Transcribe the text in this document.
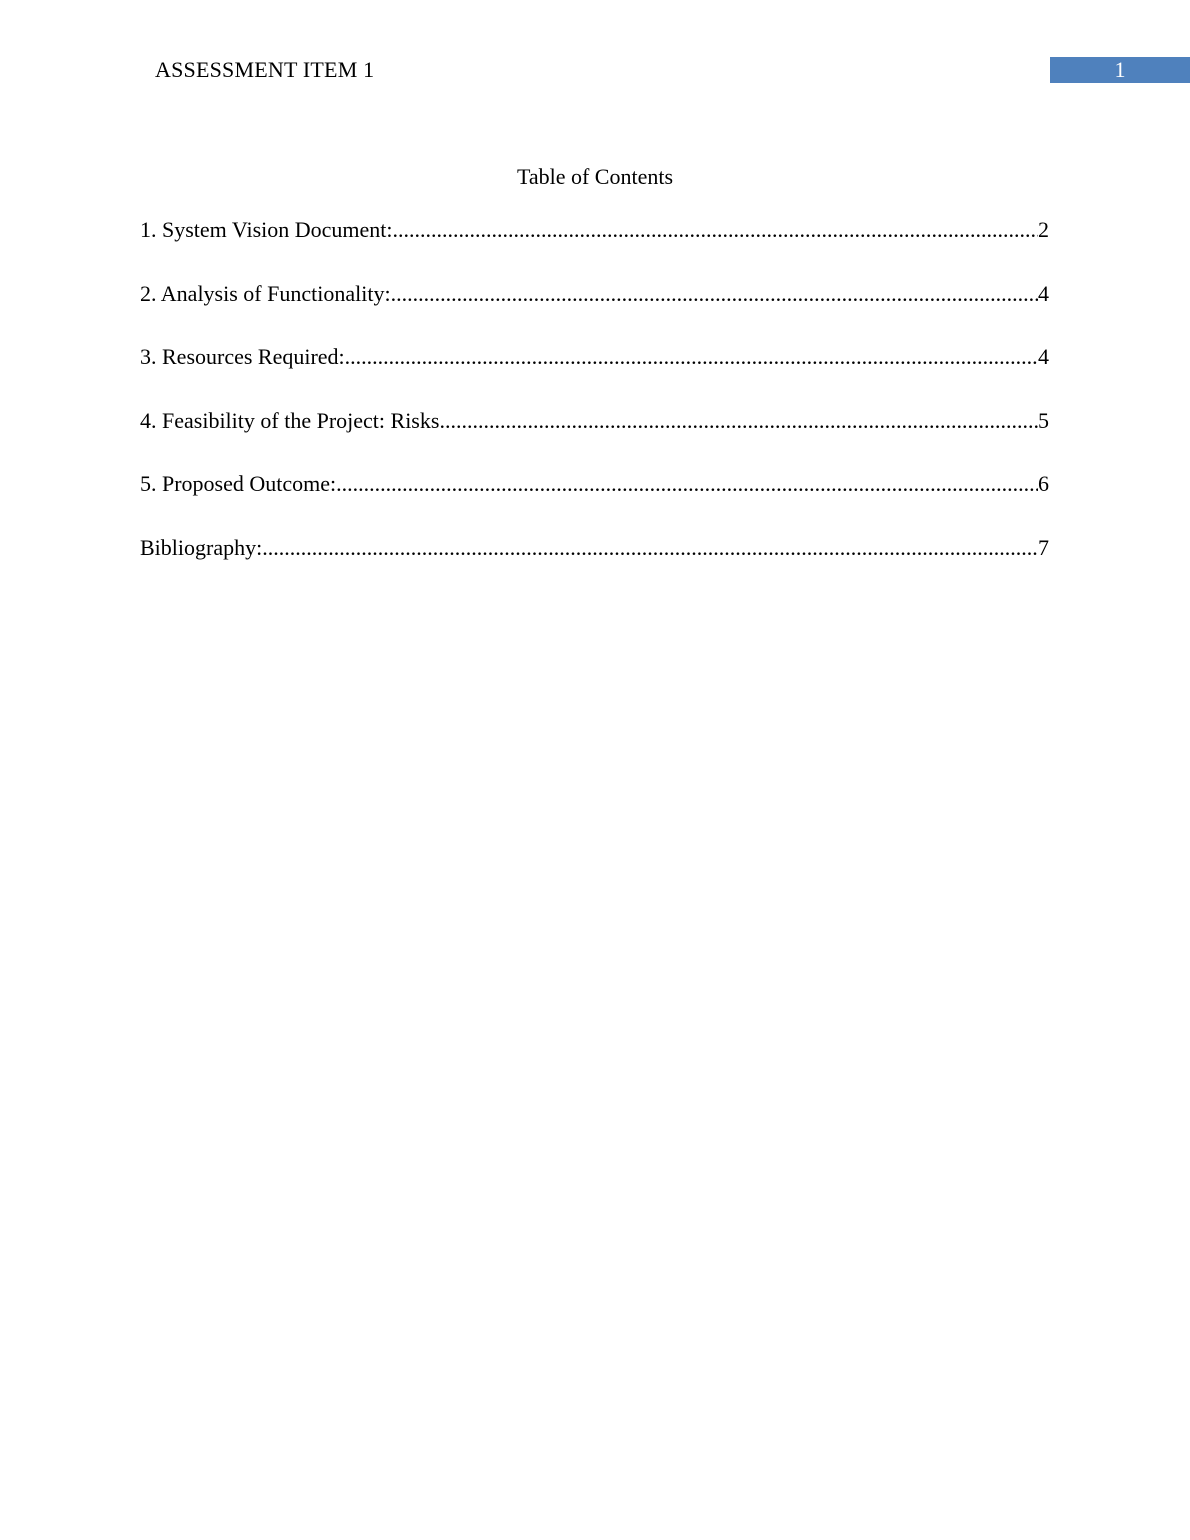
ASSESSMENT ITEM 1	1
Table of Contents
1. System Vision Document: .....	2
2. Analysis of Functionality: .....	4
3. Resources Required: .....	4
4. Feasibility of the Project: Risks .....	5
5. Proposed Outcome: .....	6
Bibliography: .....	7
